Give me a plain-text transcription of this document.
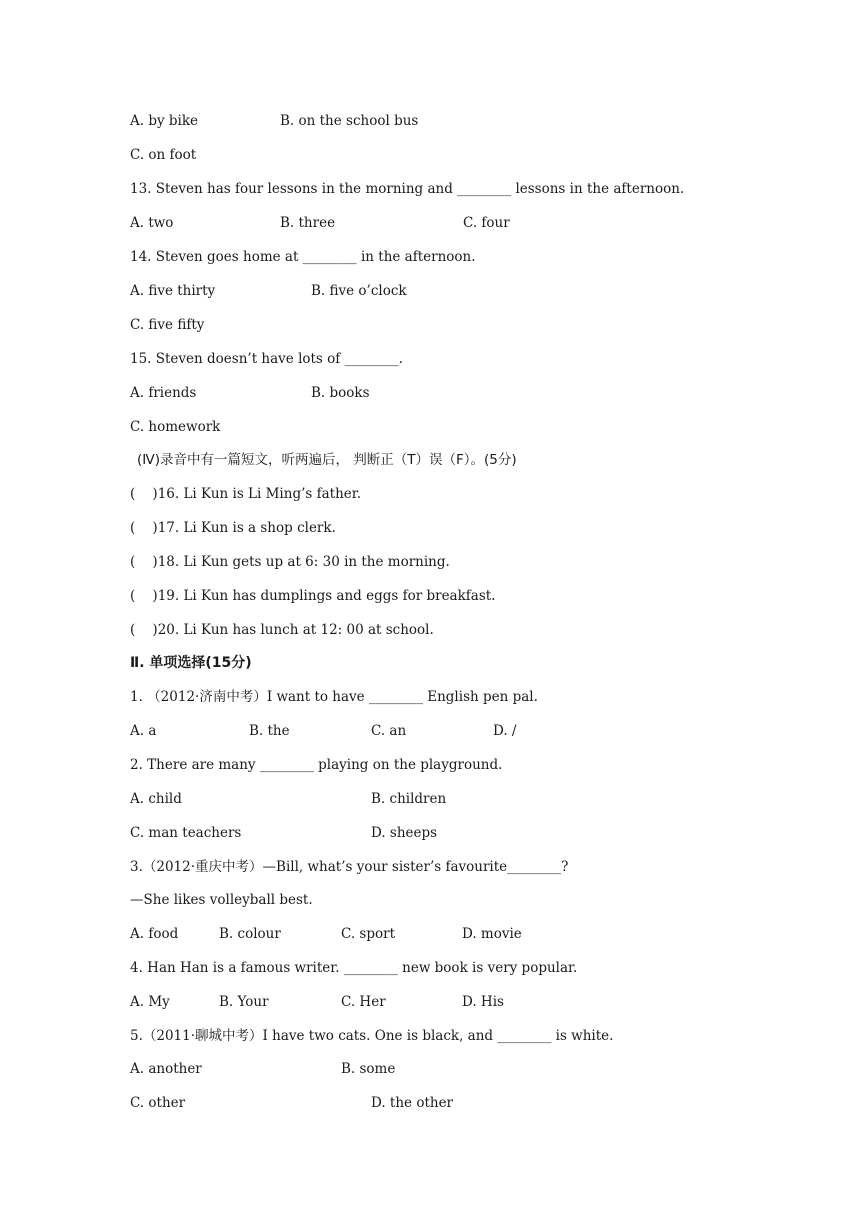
A. by bike

	B. on the school bus

C. on foot
13. Steven has four lessons in the morning and ________ lessons in the afternoon.

A. two

	B. three

	C. four

14. Steven goes home at ________ in the afternoon.

A. five thirty

	B. five o’clock

C. five fifty
15. Steven doesn’t have lots of ________.

A. friends

	B. books

C. homework
(Ⅳ)录音中有一篇短文，听两遍后， 判断正（T）误（F）。(5分)
(    )16. Li Kun is Li Ming’s father.
(    )17. Li Kun is a shop clerk.
(    )18. Li Kun gets up at 6: 30 in the morning.
(    )19. Li Kun has dumplings and eggs for breakfast.
(    )20. Li Kun has lunch at 12: 00 at school.
Ⅱ. 单项选择(15分)
1. （2012·济南中考）I want to have ________ English pen pal.

A. a

	B. the

	C. an

	D. /

2. There are many ________ playing on the playground.

A. child

	B. children

C. man teachers

	D. sheeps

3.（2012·重庆中考）—Bill, what’s your sister’s favourite________?
—She likes volleyball best.

A. food

	B. colour

	C. sport

	D. movie

4. Han Han is a famous writer. ________ new book is very popular.

A. My

	B. Your

	C. Her

	D. His

5.（2011·聊城中考）I have two cats. One is black, and ________ is white.

A. another

	B. some

C. other

	D. the other
